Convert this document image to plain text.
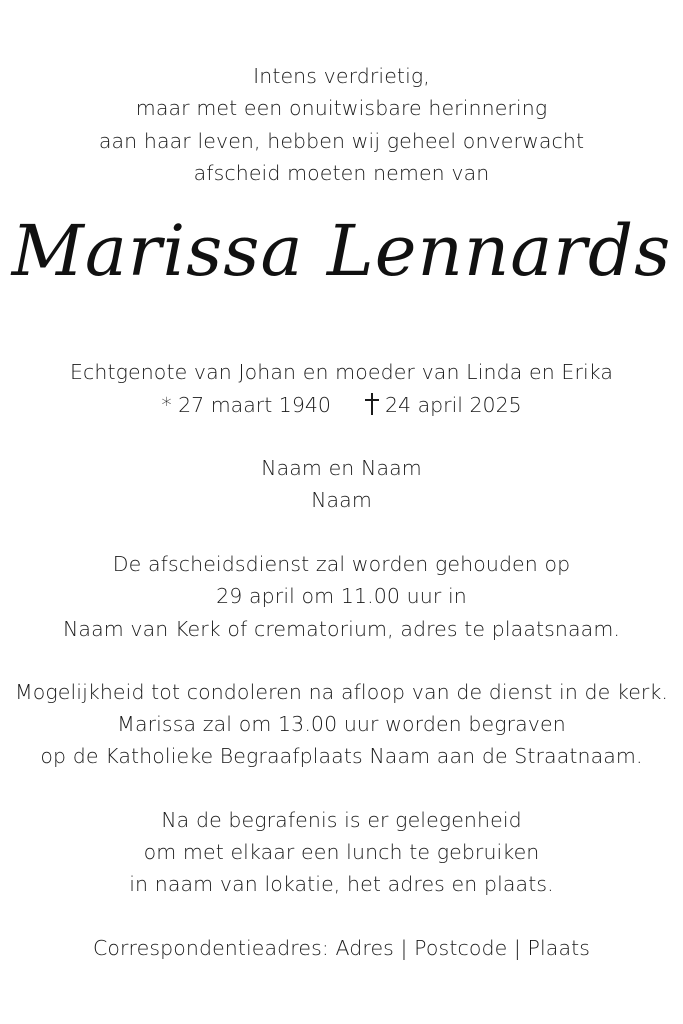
Intens verdrietig,
maar met een onuitwisbare herinnering
aan haar leven, hebben wij geheel onverwacht
afscheid moeten nemen van
Marissa Lennards
Echtgenote van Johan en moeder van Linda en Erika
* 27 maart 1940	24 april 2025
Naam en Naam
Naam
De afscheidsdienst zal worden gehouden op
29 april om 11.00 uur in
Naam van Kerk of crematorium, adres te plaatsnaam.
Mogelijkheid tot condoleren na afloop van de dienst in de kerk.
Marissa zal om 13.00 uur worden begraven
op de Katholieke Begraafplaats Naam aan de Straatnaam.
Na de begrafenis is er gelegenheid
om met elkaar een lunch te gebruiken
in naam van lokatie, het adres en plaats.
Correspondentieadres: Adres | Postcode | Plaats
